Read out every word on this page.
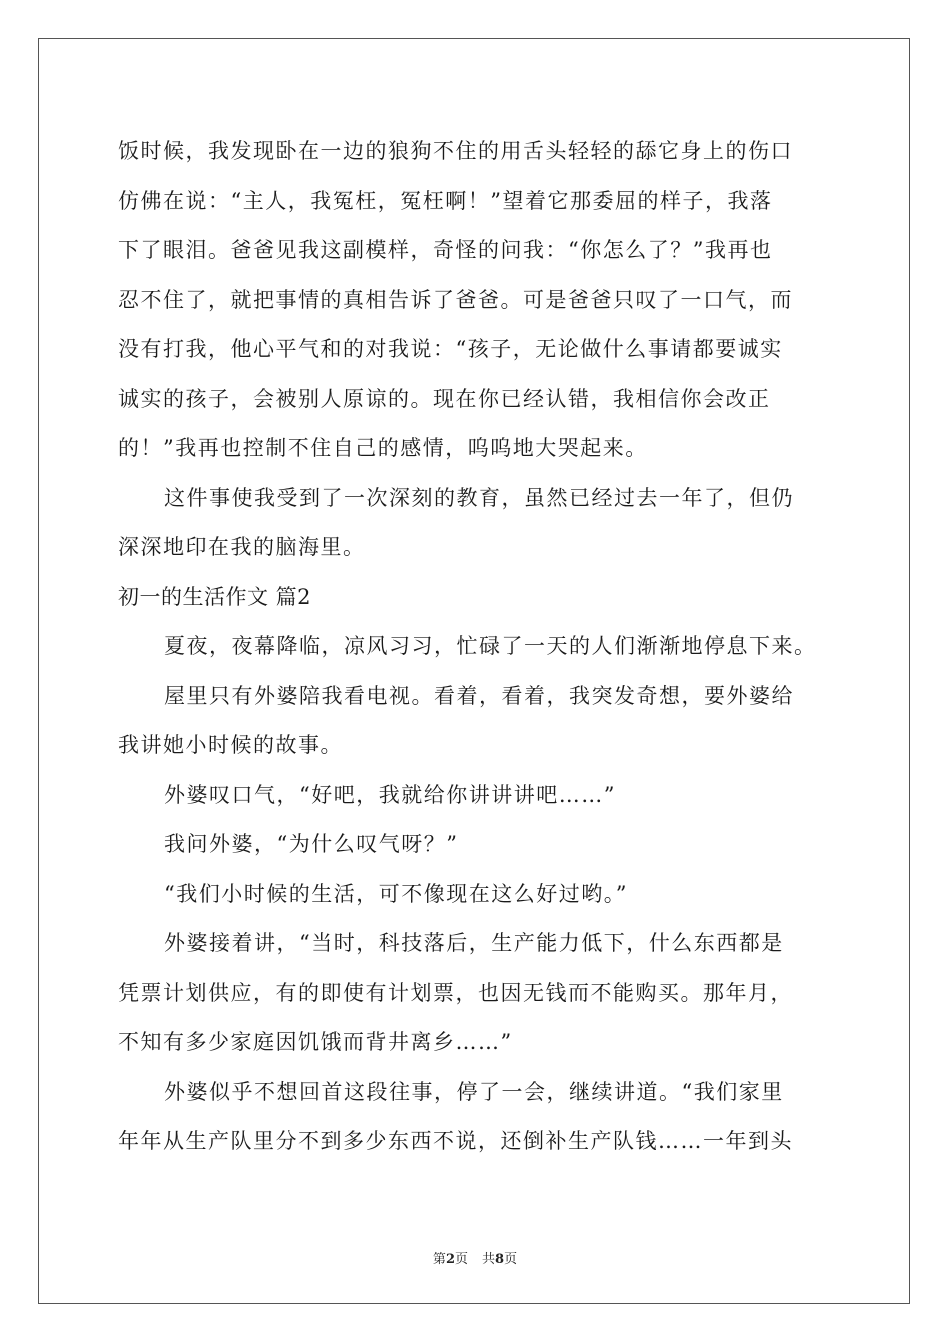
饭时候，我发现卧在一边的狼狗不住的用舌头轻轻的舔它身上的伤口
仿佛在说：“主人，我冤枉，冤枉啊！”望着它那委屈的样子，我落
下了眼泪。爸爸见我这副模样，奇怪的问我：“你怎么了？”我再也
忍不住了，就把事情的真相告诉了爸爸。可是爸爸只叹了一口气，而
没有打我，他心平气和的对我说：“孩子，无论做什么事请都要诚实
诚实的孩子，会被别人原谅的。现在你已经认错，我相信你会改正
的！”我再也控制不住自己的感情，呜呜地大哭起来。
这件事使我受到了一次深刻的教育，虽然已经过去一年了，但仍
深深地印在我的脑海里。
初一的生活作文 篇2
夏夜，夜幕降临，凉风习习，忙碌了一天的人们渐渐地停息下来。
屋里只有外婆陪我看电视。看着，看着，我突发奇想，要外婆给
我讲她小时候的故事。
外婆叹口气，“好吧，我就给你讲讲讲吧……”
我问外婆，“为什么叹气呀？”
“我们小时候的生活，可不像现在这么好过哟。”
外婆接着讲，“当时，科技落后，生产能力低下，什么东西都是
凭票计划供应，有的即使有计划票，也因无钱而不能购买。那年月，
不知有多少家庭因饥饿而背井离乡……”
外婆似乎不想回首这段往事，停了一会，继续讲道。“我们家里
年年从生产队里分不到多少东西不说，还倒补生产队钱……一年到头
第2页 共8页
